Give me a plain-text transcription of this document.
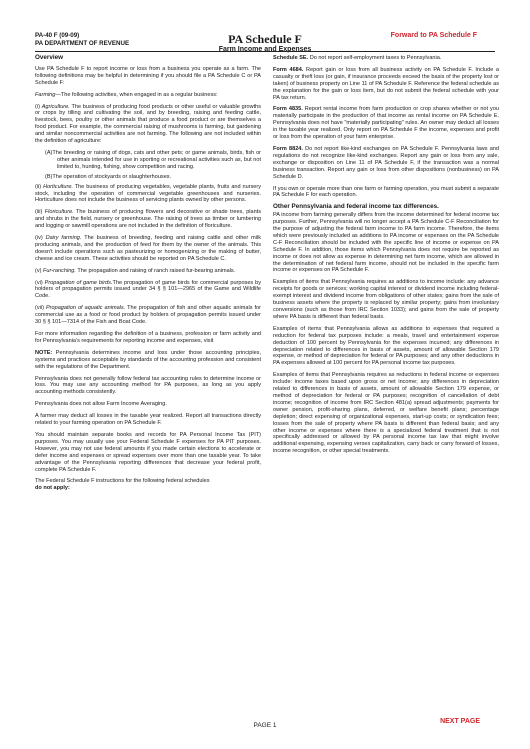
PA-40 F (09-09)
PA DEPARTMENT OF REVENUE	PA Schedule F
Farm Income and Expenses
Forward to PA Schedule F

Overview

Use PA Schedule F to report income or loss from a business you operate as a farm. The following definitions may be helpful in determining if you should file a PA Schedule C or PA Schedule F:

Farming—The following activities, when engaged in as a regular business:

(i) Agriculture. The business of producing food products or other useful or valuable growths or crops by tilling and cultivating the soil, and by breeding, raising and feeding cattle, livestock, bees, poultry or other animals that produce a food product or are themselves a food product. For example, the commercial raising of mushrooms is farming, but gardening and similar noncommercial activities are not farming. The following are not included within the definition of agriculture:

(A)The breeding or raising of dogs, cats and other pets; or game animals, birds, fish or other animals intended for use in sporting or recreational activities such as, but not limited to, hunting, fishing, show competition and racing.

(B)The operation of stockyards or slaughterhouses.

(ii) Horticulture. The business of producing vegetables, vegetable plants, fruits and nursery stock, including the operation of commercial vegetable greenhouses and nurseries. Horticulture does not include the business of servicing plants owned by other persons.

(iii) Floriculture. The business of producing flowers and decorative or shade trees, plants and shrubs in the field, nursery or greenhouse. The raising of trees as timber or lumbering and logging or sawmill operations are not included in the definition of floriculture.

(iv) Dairy farming. The business of breeding, feeding and raising cattle and other milk producing animals, and the production of feed for them by the owner of the animals. This doesn't include operations such as pasteurizing or homogenizing or the making of butter, cheese and ice cream. These activities should be reported on PA Schedule C.

(v) Fur-ranching. The propagation and raising of ranch raised fur-bearing animals.

(vi) Propagation of game birds.The propagation of game birds for commercial purposes by holders of propagation permits issued under 34 § § 101—2965 of the Game and Wildlife Code.

(vii) Propagation of aquatic animals. The propagation of fish and other aquatic animals for commercial use as a food or food product by holders of propagation permits issued under 30 § § 101—7314 of the Fish and Boat Code.

For more information regarding the definition of a business, profession or farm activity and for Pennsylvania's requirements for reporting income and expenses, visit

NOTE: Pennsylvania determines income and loss under those accounting principles, systems and practices acceptable by standards of the accounting profession and consistent with the regulations of the Department.

Pennsylvania does not generally follow federal tax accounting rules to determine income or loss. You may use any accounting method for PA purposes, as long as you apply accounting methods consistently.

Pennsylvania does not allow Farm Income Averaging.

A farmer may deduct all losses in the taxable year realized. Report all transactions directly related to your farming operation on PA Schedule F.

You should maintain separate books and records for PA Personal Income Tax (PIT) purposes. You may usually use your Federal Schedule F expenses for PA PIT purposes. However, you may not use federal amounts if you made certain elections to accelerate or defer income and expenses or spread expenses over more than one taxable year. To take advantage of the Pennsylvania reporting differences that decrease your federal profit, complete PA Schedule F.

The Federal Schedule F instructions for the following federal schedules
do not apply:

Schedule SE. Do not report self-employment taxes to Pennsylvania.

Form 4684. Report gain or loss from all business activity on PA Schedule F. Include a casualty or theft loss (or gain, if insurance proceeds exceed the basis of the property lost or taken) of business property on Line 11 of PA Schedule F. Reference the federal schedule as the explanation for the gain or loss item, but do not submit the federal schedule with your PA tax return.

Form 4835. Report rental income from farm production or crop shares whether or not you materially participate in the production of that income as rental income on PA Schedule E. Pennsylvania does not have "materially participating" rules. An owner may deduct all losses in the taxable year realized. Only report on PA Schedule F the income, expenses and profit or loss from the operation of your farm enterprise.

Form 8824. Do not report like-kind exchanges on PA Schedule F. Pennsylvania laws and regulations do not recognize like-kind exchanges. Report any gain or loss from any sale, exchange or disposition on Line 11 of PA Schedule F, if the transaction was a normal business transaction. Report any gain or loss from other dispositions (nonbusiness) on PA Schedule D.

If you own or operate more than one farm or farming operation, you must submit a separate PA Schedule F for each operation.

Other Pennsylvania and federal income tax differences.

PA income from farming generally differs from the income determined for federal income tax purposes. Further, Pennsylvania will no longer accept a PA Schedule C-F Reconciliation for the purpose of adjusting the federal farm income to PA farm income. Therefore, the items which were previously included as additions to PA income or expenses on the PA Schedule C-F Reconciliation should be included with the specific line of income or expense on PA Schedule F. In addition, those items which Pennsylvania does not require be reported as income or does not allow as expense in determining net farm income, which are allowed in the determination of net federal farm income, should not be included in the specific farm income or expenses on PA Schedule F.

Examples of items that Pennsylvania requires as additions to income include: any advance receipts for goods or services; working capital interest or dividend income including federal-exempt interest and dividend income from obligations of other states; gains from the sale of business assets where the property is replaced by similar property; gains from involuntary conversions (such as those from IRC Section 1033); and gains from the sale of property where PA basis is different than federal basis.

Examples of items that Pennsylvania allows as additions to expenses that required a reduction for federal tax purposes include: a meals, travel and entertainment expense deduction of 100 percent by Pennsylvania for the expenses incurred; any differences in depreciation related to differences in basis of assets, amount of allowable Section 179 expense, or method of depreciation for federal or PA purposes; and any other deductions in PA expenses allowed at 100 percent for PA personal income tax purposes.

Examples of items that Pennsylvania requires as reductions in federal income or expenses include: income taxes based upon gross or net income; any differences in depreciation related to differences in basis of assets, amount of allowable Section 179 expense, or method of depreciation for federal or PA purposes; recognition of cancellation of debt income; recognition of income from IRC Section 481(a) spread adjustments; payments for owner pension, profit-sharing plans, deferred, or welfare benefit plans; percentage depletion; direct expensing of organizational expenses, start-up costs; or syndication fees; losses from the sale of property where PA basis is different than federal basis; and any other income or expenses where there is a specialized federal treatment that is not specifically addressed or allowed by PA personal income tax law that might involve additional expensing, expensing verses capitalization, carry back or carry forward of losses, income recognition, or other special treatments.

PAGE 1
NEXT PAGE
